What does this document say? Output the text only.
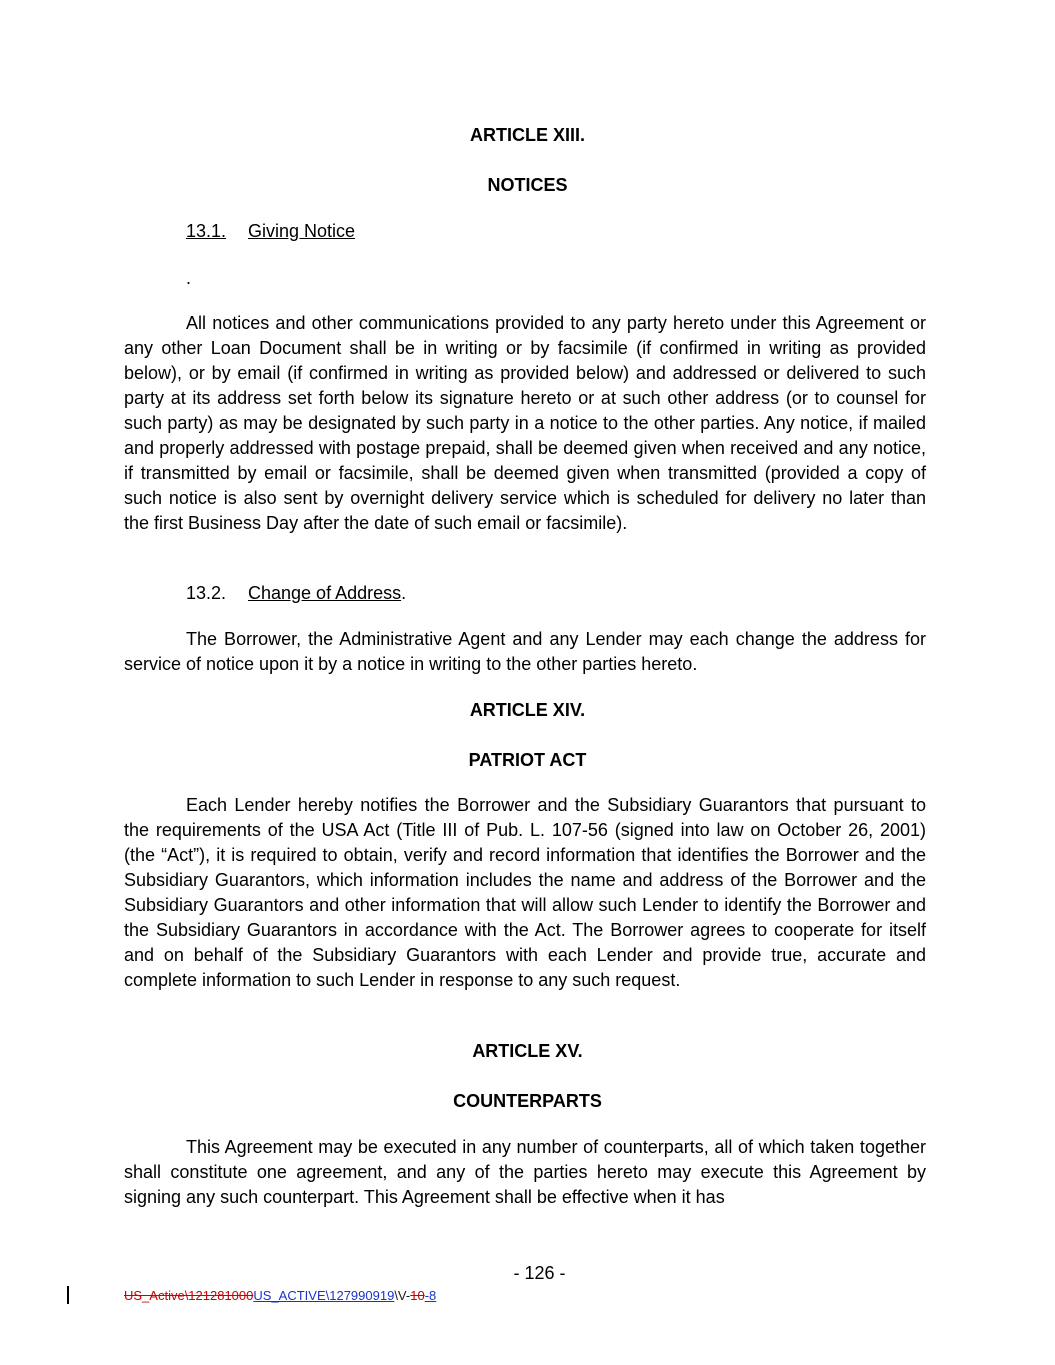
ARTICLE XIII.
NOTICES
13.1. Giving Notice
.
All notices and other communications provided to any party hereto under this Agreement or any other Loan Document shall be in writing or by facsimile (if confirmed in writing as provided below), or by email (if confirmed in writing as provided below) and addressed or delivered to such party at its address set forth below its signature hereto or at such other address (or to counsel for such party) as may be designated by such party in a notice to the other parties. Any notice, if mailed and properly addressed with postage prepaid, shall be deemed given when received and any notice, if transmitted by email or facsimile, shall be deemed given when transmitted (provided a copy of such notice is also sent by overnight delivery service which is scheduled for delivery no later than the first Business Day after the date of such email or facsimile).
13.2. Change of Address.
The Borrower, the Administrative Agent and any Lender may each change the address for service of notice upon it by a notice in writing to the other parties hereto.
ARTICLE XIV.
PATRIOT ACT
Each Lender hereby notifies the Borrower and the Subsidiary Guarantors that pursuant to the requirements of the USA Act (Title III of Pub. L. 107-56 (signed into law on October 26, 2001) (the “Act”), it is required to obtain, verify and record information that identifies the Borrower and the Subsidiary Guarantors, which information includes the name and address of the Borrower and the Subsidiary Guarantors and other information that will allow such Lender to identify the Borrower and the Subsidiary Guarantors in accordance with the Act. The Borrower agrees to cooperate for itself and on behalf of the Subsidiary Guarantors with each Lender and provide true, accurate and complete information to such Lender in response to any such request.
ARTICLE XV.
COUNTERPARTS
This Agreement may be executed in any number of counterparts, all of which taken together shall constitute one agreement, and any of the parties hereto may execute this Agreement by signing any such counterpart. This Agreement shall be effective when it has
- 126 -
US_Active\121281000US_ACTIVE\127990919\V-10-8
